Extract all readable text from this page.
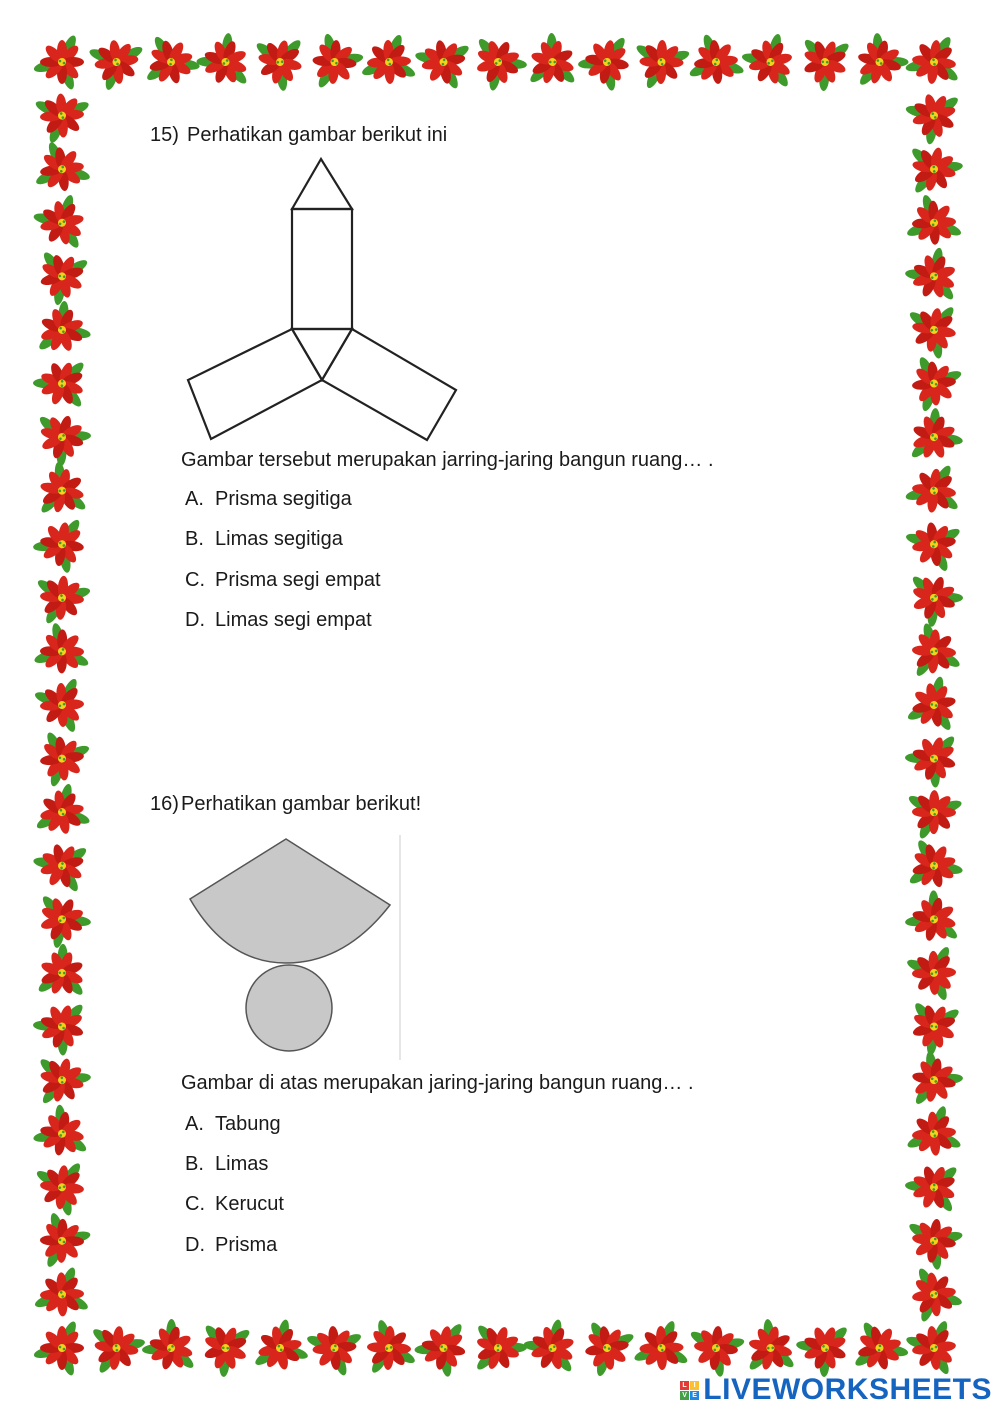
15) Perhatikan gambar berikut ini
Gambar tersebut merupakan jarring-jaring bangun ruang… .
A. Prisma segitiga
B. Limas segitiga
C. Prisma segi empat
D. Limas segi empat
16) Perhatikan gambar berikut!
Gambar di atas merupakan jaring-jaring bangun ruang… .
A. Tabung
B. Limas
C. Kerucut
D. Prisma
L I
V E LIVEWORKSHEETS
